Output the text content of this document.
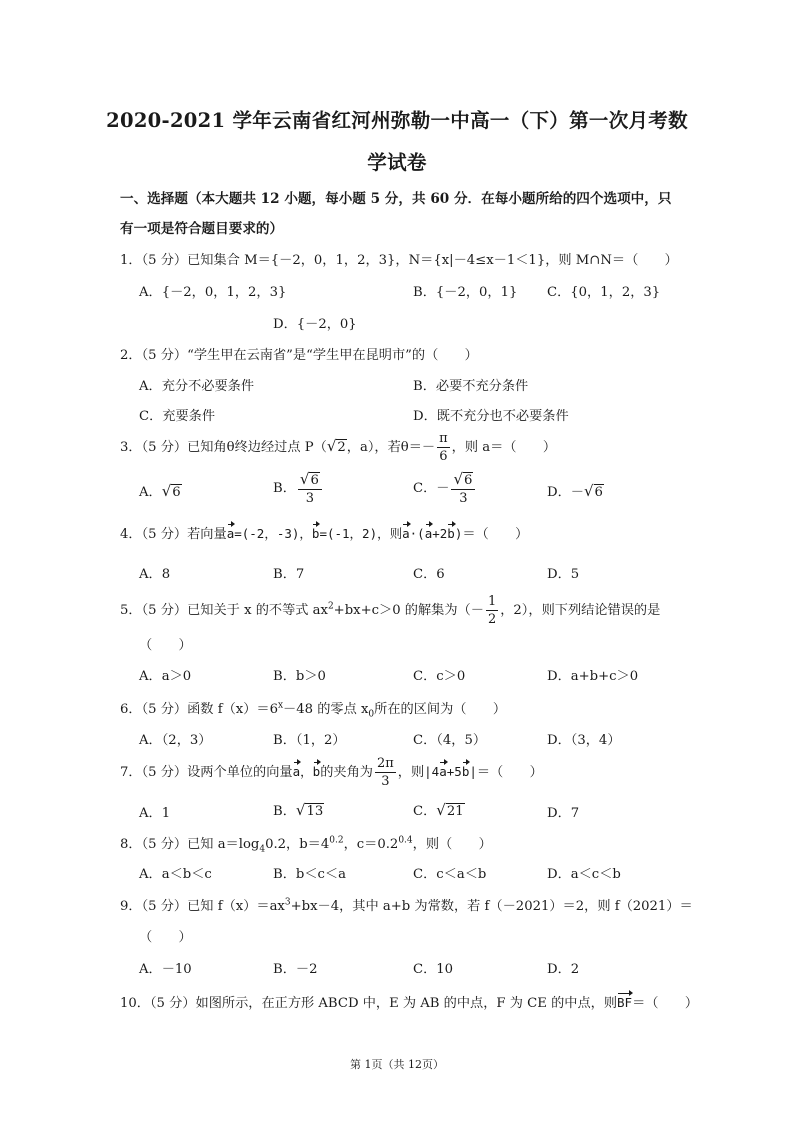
2020-2021 学年云南省红河州弥勒一中高一（下）第一次月考数
学试卷
一、选择题（本大题共 12 小题，每小题 5 分，共 60 分．在每小题所给的四个选项中，只
有一项是符合题目要求的）
1．（5 分）已知集合 M＝{－2，0，1，2，3}，N＝{x|－4≤x－1＜1}，则 M∩N＝（　　）
A．{－2，0，1，2，3}	B．{－2，0，1} C．{0，1，2，3}
D．{－2，0}
2．（5 分）“学生甲在云南省”是“学生甲在昆明市”的（　　）
A．充分不必要条件	B．必要不充分条件
C．充要条件	D．既不充分也不必要条件
3．（5 分）已知角θ终边经过点 P（√2，a），若$\theta=- \frac{\pi}{6}$ ，则 a＝（　　）
A．√6	B． $\frac{√6}{3}$	C．－ $\frac{√6}{3}$	D．－√6
4．（5 分）若向量a=(-2，-3)，b=(-1，2)，则a·(a+2b)＝（　　）
A．8	B．7	C．6	D．5
5．（5 分）已知关于 x 的不等式 $ax^2+bx+c>0$ 的解集为（－ $\frac{1}{2}$ ，2），则下列结论错误的是
（　　）
A．a＞0	B．b＞0	C．c＞0	D．a+b+c＞0
6．（5 分）函数 $f(x)=6^x-48$ 的零点 $x_0$所在的区间为（　　）
A．（2，3）	B．（1，2）	C．（4，5）	D．（3，4）
7．（5 分）设两个单位的向量a，b的夹角为 $\frac{2\pi}{3}$ ，则|4a+5b|＝（　　）
A．1	B．√13	C．√21	D．7
8．（5 分）已知 $a=\log_40.2$，$b=4^{0.2}$，$c=0.2^{0.4}$，则（　　）
A．a＜b＜c	B．b＜c＜a	C．c＜a＜b	D．a＜c＜b
9．（5 分）已知 $f(x)=ax^3+bx-4$，其中 a+b 为常数，若 f（－2021）＝2，则 f（2021）＝
（　　）
A．－10	B．－2	C．10	D．2
10．（5 分）如图所示，在正方形 ABCD 中，E 为 AB 的中点，F 为 CE 的中点，则BF＝（　　）
第 1页（共 12页）
